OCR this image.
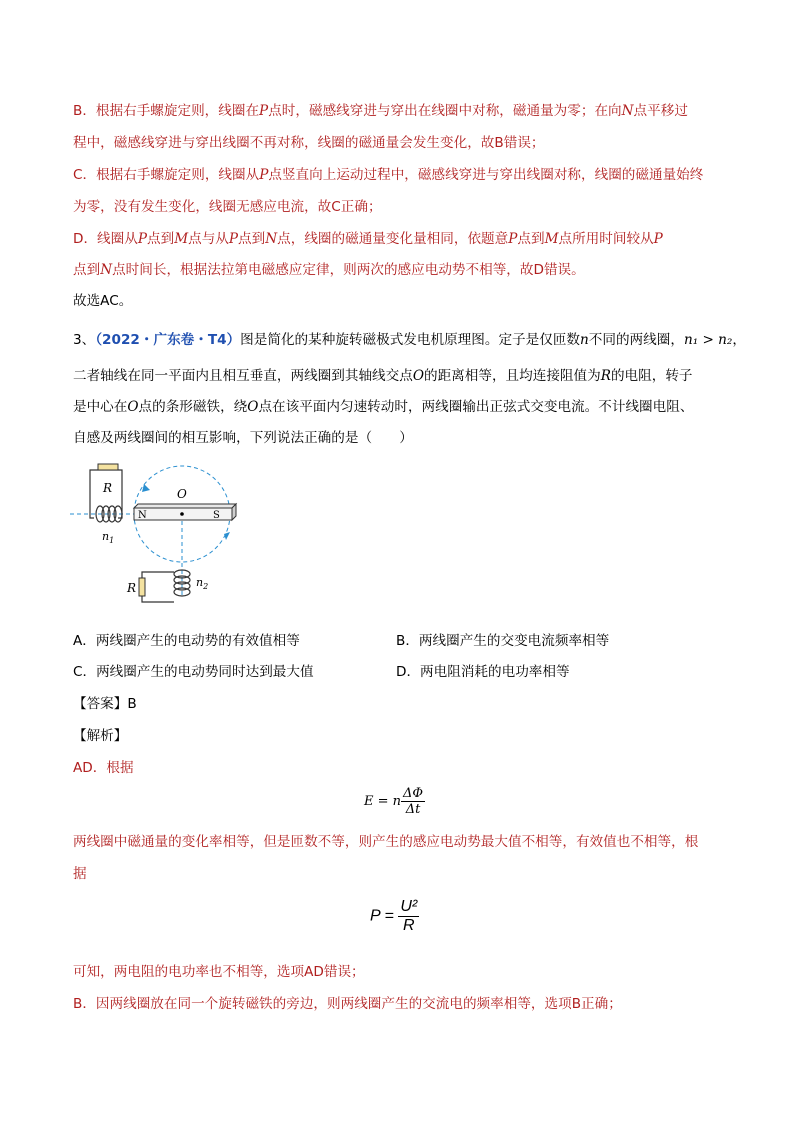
B．根据右手螺旋定则，线圈在P点时，磁感线穿进与穿出在线圈中对称，磁通量为零；在向N点平移过
程中，磁感线穿进与穿出线圈不再对称，线圈的磁通量会发生变化，故B错误；
C．根据右手螺旋定则，线圈从P点竖直向上运动过程中，磁感线穿进与穿出线圈对称，线圈的磁通量始终
为零，没有发生变化，线圈无感应电流，故C正确；
D．线圈从P点到M点与从P点到N点，线圈的磁通量变化量相同，依题意P点到M点所用时间较从P
点到N点时间长，根据法拉第电磁感应定律，则两次的感应电动势不相等，故D错误。
故选AC。
3、（2022・广东卷・T4）图是简化的某种旋转磁极式发电机原理图。定子是仅匝数n不同的两线圈，n₁ > n₂，
二者轴线在同一平面内且相互垂直，两线圈到其轴线交点O的距离相等，且均连接阻值为R的电阻，转子
是中心在O点的条形磁铁，绕O点在该平面内匀速转动时，两线圈输出正弦式交变电流。不计线圈电阻、
自感及两线圈间的相互影响，下列说法正确的是（　　）
R
$n_1$
N	S
O
R	$n_2$
A．两线圈产生的电动势的有效值相等	B．两线圈产生的交变电流频率相等
C．两线圈产生的电动势同时达到最大值	D．两电阻消耗的电功率相等
【答案】B
【解析】
AD．根据
E = n $\frac{\Delta\Phi}{\Delta t}$
两线圈中磁通量的变化率相等，但是匝数不等，则产生的感应电动势最大值不相等，有效值也不相等，根
据
$P = \frac{\text{U²}}{R}$
可知，两电阻的电功率也不相等，选项AD错误；
B．因两线圈放在同一个旋转磁铁的旁边，则两线圈产生的交流电的频率相等，选项B正确；
